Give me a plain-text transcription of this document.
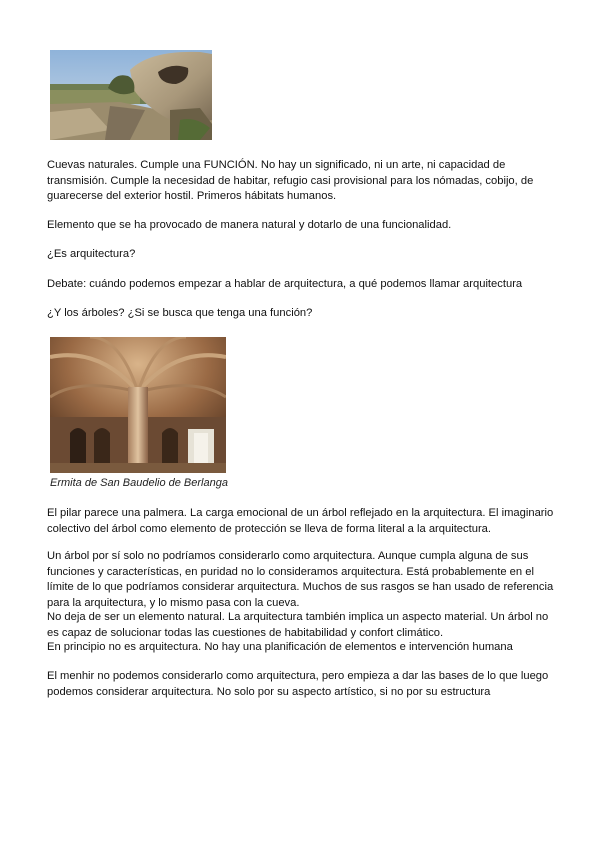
Cuevas naturales. Cumple una FUNCIÓN. No hay un significado, ni un arte, ni capacidad de transmisión. Cumple la necesidad de habitar, refugio casi provisional para los nómadas, cobijo, de guarecerse del exterior hostil. Primeros hábitats humanos.

Elemento que se ha provocado de manera natural y dotarlo de una funcionalidad.

¿Es arquitectura?

Debate: cuándo podemos empezar a hablar de arquitectura, a qué podemos llamar arquitectura

¿Y los árboles? ¿Si se busca que tenga una función?

Ermita de San Baudelio de Berlanga

El pilar parece una palmera. La carga emocional de un árbol reflejado en la arquitectura. El imaginario colectivo del árbol como elemento de protección se lleva de forma literal a la arquitectura.

Un árbol por sí solo no podríamos considerarlo como arquitectura. Aunque cumpla alguna de sus funciones y características, en puridad no lo consideramos arquitectura. Está probablemente en el límite de lo que podríamos considerar arquitectura. Muchos de sus rasgos se han usado de referencia para la arquitectura, y lo mismo pasa con la cueva.

No deja de ser un elemento natural. La arquitectura también implica un aspecto material. Un árbol no es capaz de solucionar todas las cuestiones de habitabilidad y confort climático.

En principio no es arquitectura. No hay una planificación de elementos e intervención humana

El menhir no podemos considerarlo como arquitectura, pero empieza a dar las bases de lo que luego podemos considerar arquitectura. No solo por su aspecto artístico, si no por su estructura
